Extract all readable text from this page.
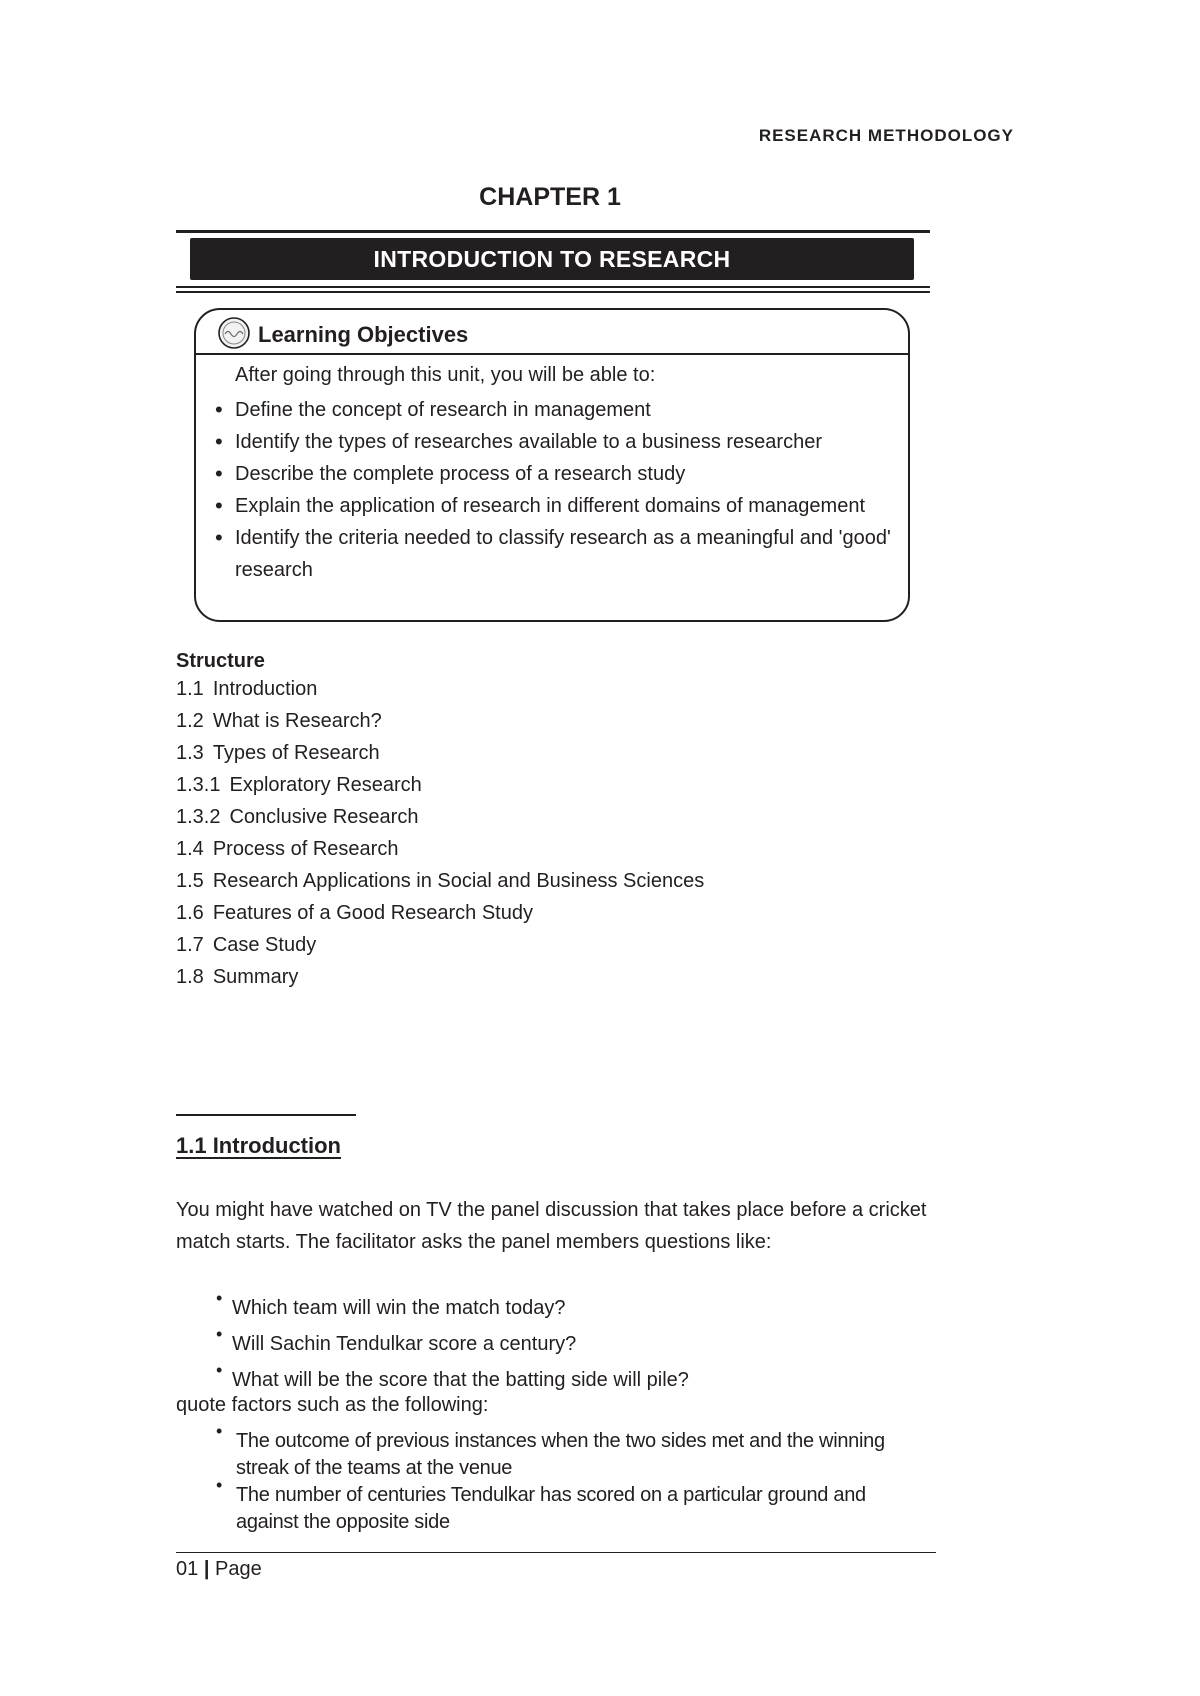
RESEARCH METHODOLOGY
CHAPTER 1
INTRODUCTION TO RESEARCH
Learning Objectives
After going through this unit, you will be able to:
• Define the concept of research in management
• Identify the types of researches available to a business researcher
• Describe the complete process of a research study
• Explain the application of research in different domains of management
• Identify the criteria needed to classify research as a meaningful and 'good' research
Structure
1.1 Introduction
1.2 What is Research?
1.3 Types of Research
1.3.1 Exploratory Research
1.3.2 Conclusive Research
1.4 Process of Research
1.5 Research Applications in Social and Business Sciences
1.6 Features of a Good Research Study
1.7 Case Study
1.8 Summary
1.1 Introduction

You might have watched on TV the panel discussion that takes place before a cricket match starts. The facilitator asks the panel members questions like:

• Which team will win the match today?
• Will Sachin Tendulkar score a century?
• What will be the score that the batting side will pile?
quote factors such as the following:
• The outcome of previous instances when the two sides met and the winning streak of the teams at the venue
• The number of centuries Tendulkar has scored on a particular ground and against the opposite side
01 | Page
